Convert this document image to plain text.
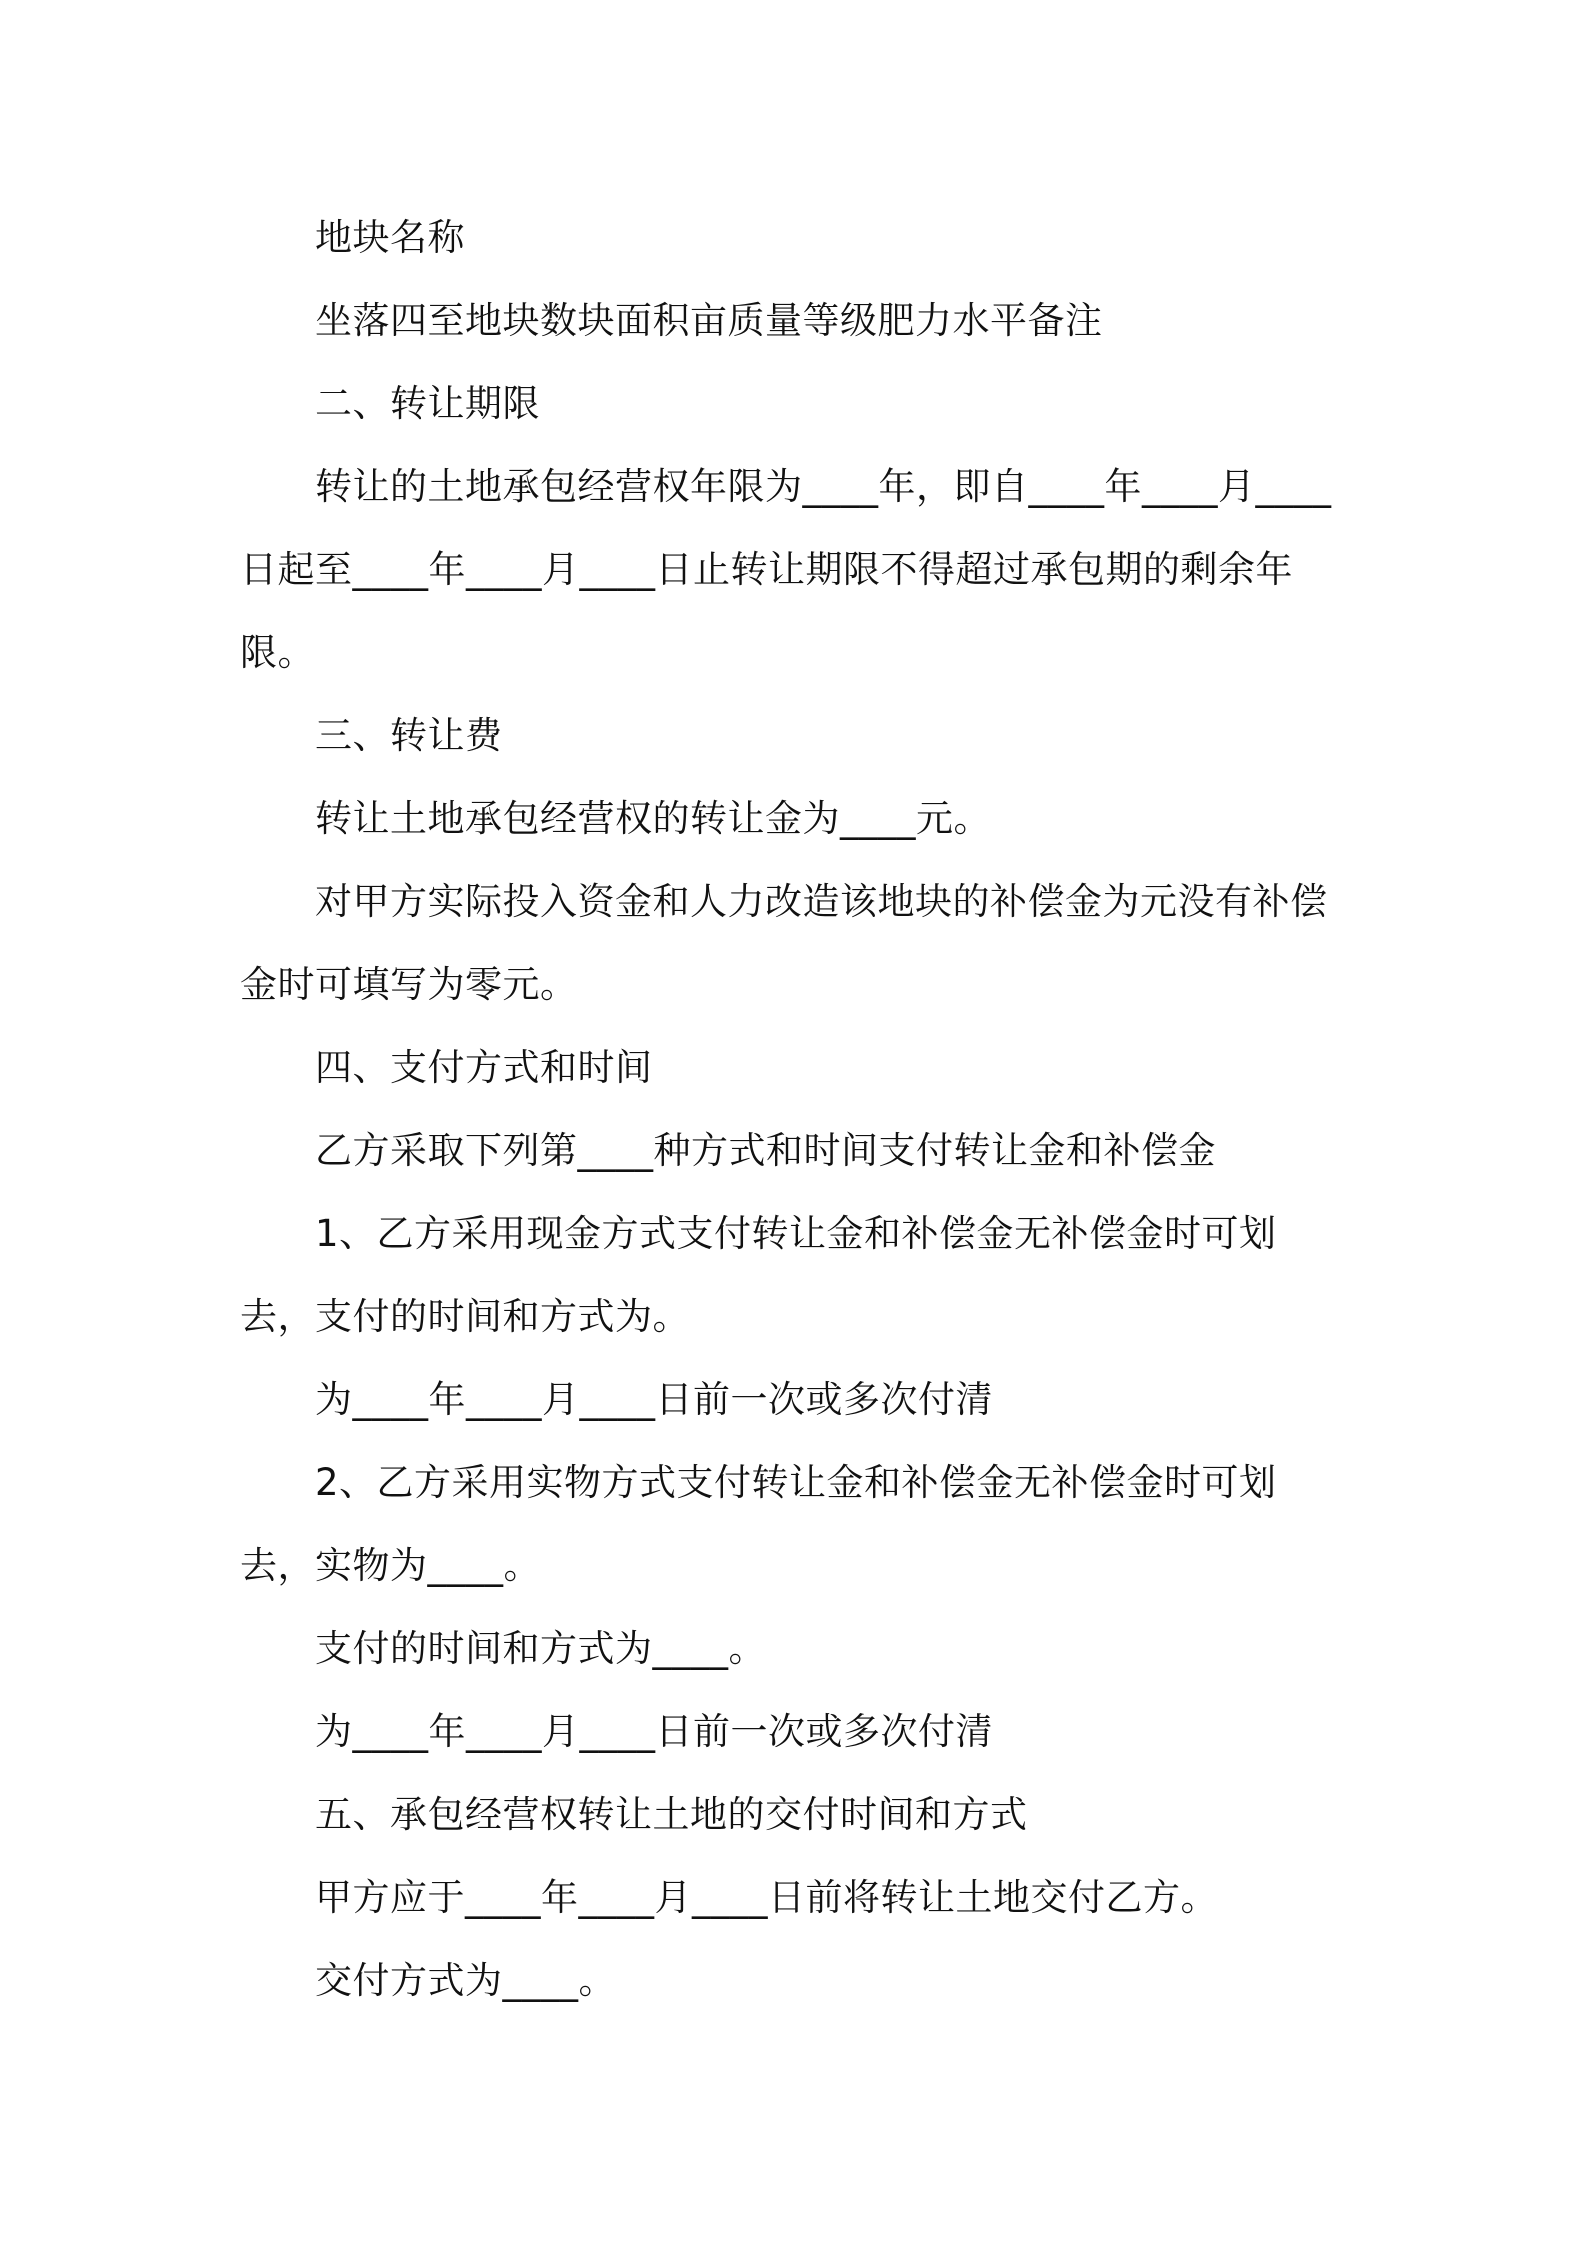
地块名称

坐落四至地块数块面积亩质量等级肥力水平备注

二、转让期限

转让的土地承包经营权年限为____年，即自____年____月____日起至____年____月____日止转让期限不得超过承包期的剩余年限。

三、转让费

转让土地承包经营权的转让金为____元。

对甲方实际投入资金和人力改造该地块的补偿金为元没有补偿金时可填写为零元。

四、支付方式和时间

乙方采取下列第____种方式和时间支付转让金和补偿金

1、乙方采用现金方式支付转让金和补偿金无补偿金时可划去，支付的时间和方式为。

为____年____月____日前一次或多次付清

2、乙方采用实物方式支付转让金和补偿金无补偿金时可划去，实物为____。

支付的时间和方式为____。

为____年____月____日前一次或多次付清

五、承包经营权转让土地的交付时间和方式

甲方应于____年____月____日前将转让土地交付乙方。

交付方式为____。
